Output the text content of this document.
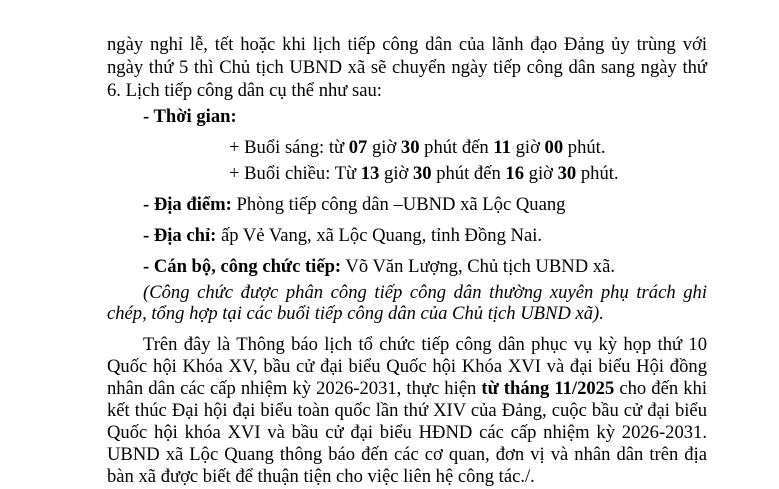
ngày nghỉ lễ, tết hoặc khi lịch tiếp công dân của lãnh đạo Đảng ủy trùng với
ngày thứ 5 thì Chủ tịch UBND xã sẽ chuyển ngày tiếp công dân sang ngày thứ
6. Lịch tiếp công dân cụ thể như sau:
- Thời gian:
+ Buổi sáng: từ 07 giờ 30 phút đến 11 giờ 00 phút.
+ Buổi chiều: Từ 13 giờ 30 phút đến 16 giờ 30 phút.
- Địa điểm: Phòng tiếp công dân –UBND xã Lộc Quang
- Địa chỉ: ấp Vẻ Vang, xã Lộc Quang, tỉnh Đồng Nai.
- Cán bộ, công chức tiếp: Võ Văn Lượng, Chủ tịch UBND xã.
(Công chức được phân công tiếp công dân thường xuyên phụ trách ghi
chép, tổng hợp tại các buổi tiếp công dân của Chủ tịch UBND xã).
Trên đây là Thông báo lịch tổ chức tiếp công dân phục vụ kỳ họp thứ 10
Quốc hội Khóa XV, bầu cử đại biểu Quốc hội Khóa XVI và đại biểu Hội đồng
nhân dân các cấp nhiệm kỳ 2026-2031, thực hiện từ tháng 11/2025 cho đến khi
kết thúc Đại hội đại biểu toàn quốc lần thứ XIV của Đảng, cuộc bầu cử đại biểu
Quốc hội khóa XVI và bầu cử đại biểu HĐND các cấp nhiệm kỳ 2026-2031.
UBND xã Lộc Quang thông báo đến các cơ quan, đơn vị và nhân dân trên địa
bàn xã được biết để thuận tiện cho việc liên hệ công tác./.
